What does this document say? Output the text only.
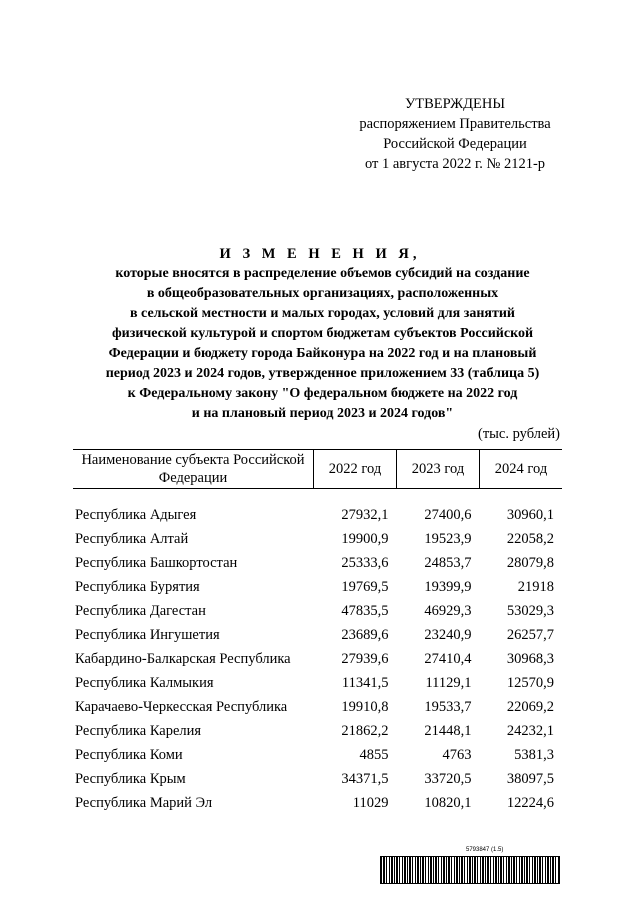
УТВЕРЖДЕНЫ
распоряжением Правительства
Российской Федерации
от 1 августа 2022 г. № 2121-р
И З М Е Н Е Н И Я,
которые вносятся в распределение объемов субсидий на создание
в общеобразовательных организациях, расположенных
в сельской местности и малых городах, условий для занятий
физической культурой и спортом бюджетам субъектов Российской
Федерации и бюджету города Байконура на 2022 год и на плановый
период 2023 и 2024 годов, утвержденное приложением 33 (таблица 5)
к Федеральному закону "О федеральном бюджете на 2022 год
и на плановый период 2023 и 2024 годов"
(тыс. рублей)
Наименование субъекта Российской Федерации	2022 год	2023 год	2024 год

Республика Адыгея	27932,1	27400,6	30960,1
Республика Алтай	19900,9	19523,9	22058,2
Республика Башкортостан	25333,6	24853,7	28079,8
Республика Бурятия	19769,5	19399,9	21918
Республика Дагестан	47835,5	46929,3	53029,3
Республика Ингушетия	23689,6	23240,9	26257,7
Кабардино-Балкарская Республика	27939,6	27410,4	30968,3
Республика Калмыкия	11341,5	11129,1	12570,9
Карачаево-Черкесская Республика	19910,8	19533,7	22069,2
Республика Карелия	21862,2	21448,1	24232,1
Республика Коми	4855	4763	5381,3
Республика Крым	34371,5	33720,5	38097,5
Республика Марий Эл	11029	10820,1	12224,6
5793847 (1.5)
